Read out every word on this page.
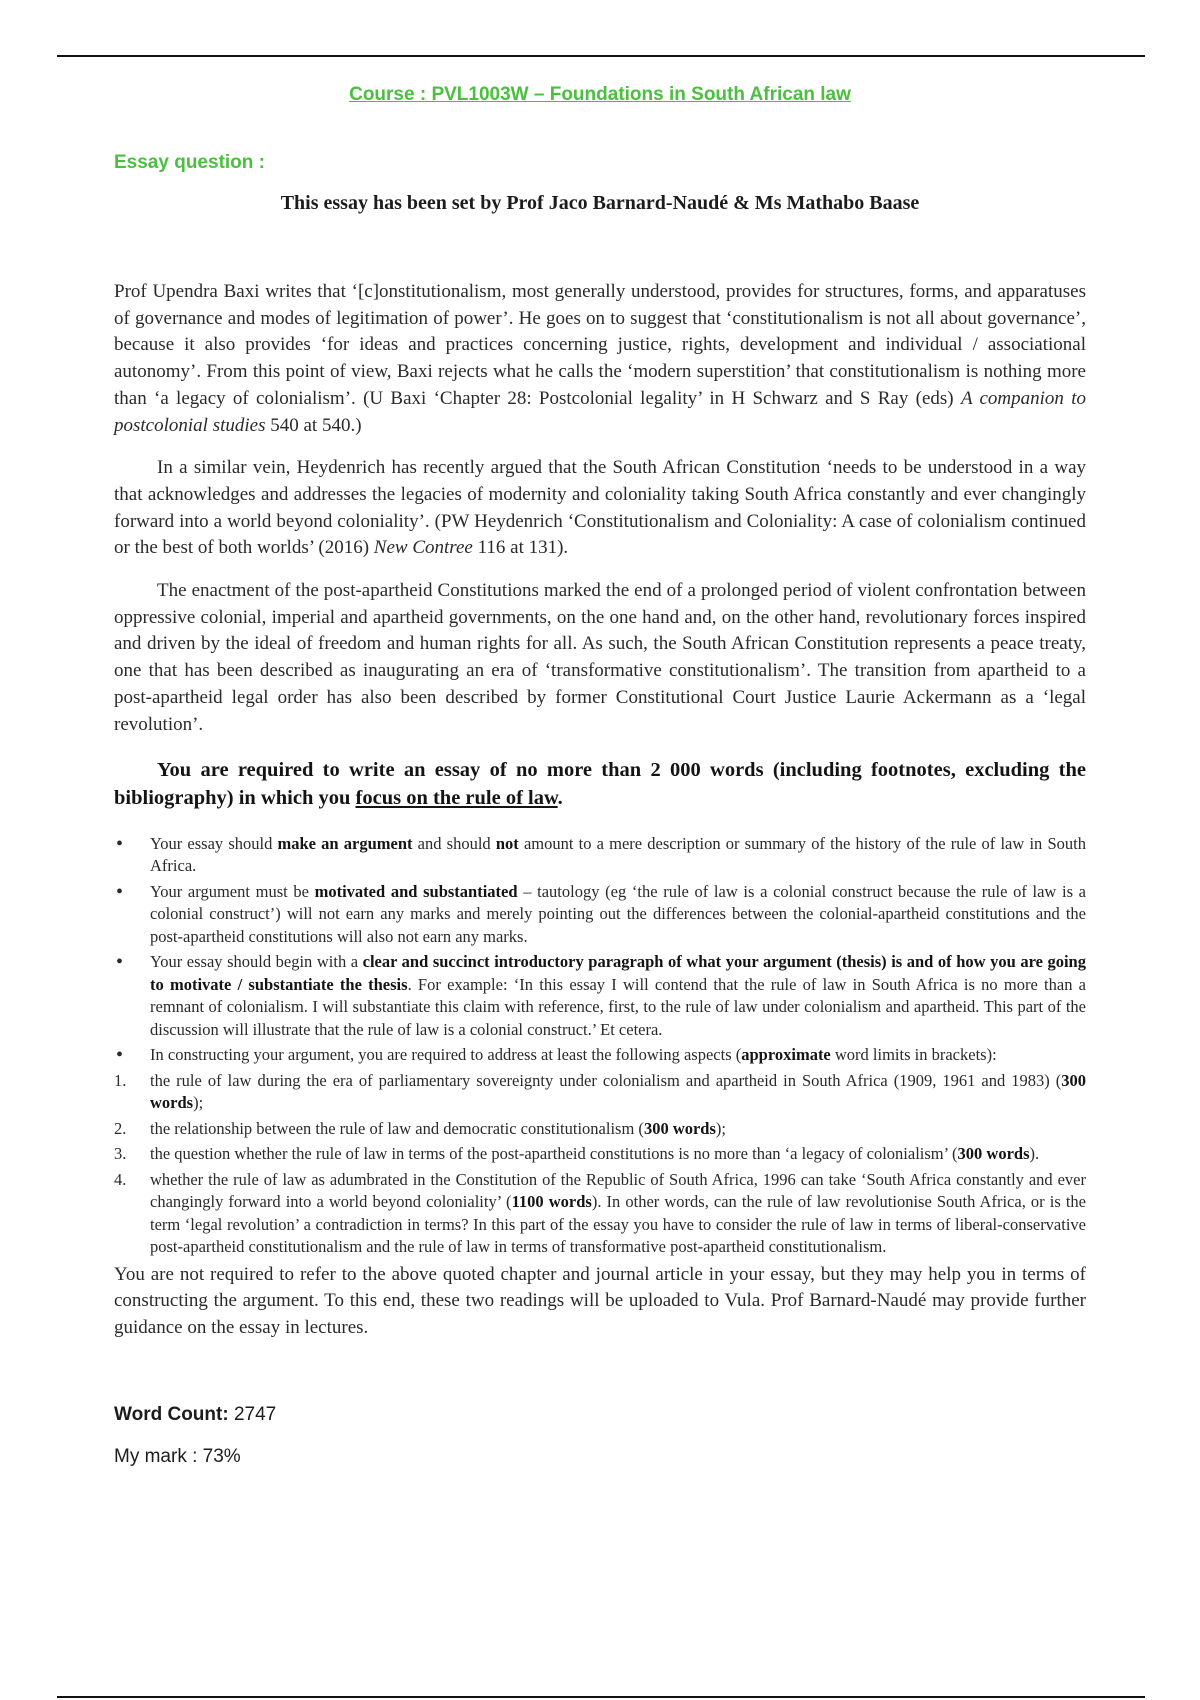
Course : PVL1003W – Foundations in South African law
Essay question :
This essay has been set by Prof Jaco Barnard-Naudé & Ms Mathabo Baase

Prof Upendra Baxi writes that ‘[c]onstitutionalism, most generally understood, provides for structures, forms, and apparatuses of governance and modes of legitimation of power’. He goes on to suggest that ‘constitutionalism is not all about governance’, because it also provides ‘for ideas and practices concerning justice, rights, development and individual / associational autonomy’. From this point of view, Baxi rejects what he calls the ‘modern superstition’ that constitutionalism is nothing more than ‘a legacy of colonialism’. (U Baxi ‘Chapter 28: Postcolonial legality’ in H Schwarz and S Ray (eds) A companion to postcolonial studies 540 at 540.)

In a similar vein, Heydenrich has recently argued that the South African Constitution ‘needs to be understood in a way that acknowledges and addresses the legacies of modernity and coloniality taking South Africa constantly and ever changingly forward into a world beyond coloniality’. (PW Heydenrich ‘Constitutionalism and Coloniality: A case of colonialism continued or the best of both worlds’ (2016) New Contree 116 at 131).

The enactment of the post-apartheid Constitutions marked the end of a prolonged period of violent confrontation between oppressive colonial, imperial and apartheid governments, on the one hand and, on the other hand, revolutionary forces inspired and driven by the ideal of freedom and human rights for all. As such, the South African Constitution represents a peace treaty, one that has been described as inaugurating an era of ‘transformative constitutionalism’. The transition from apartheid to a post-apartheid legal order has also been described by former Constitutional Court Justice Laurie Ackermann as a ‘legal revolution’.

You are required to write an essay of no more than 2 000 words (including footnotes, excluding the bibliography) in which you focus on the rule of law.

• Your essay should make an argument and should not amount to a mere description or summary of the history of the rule of law in South Africa.
• Your argument must be motivated and substantiated – tautology (eg ‘the rule of law is a colonial construct because the rule of law is a colonial construct’) will not earn any marks and merely pointing out the differences between the colonial-apartheid constitutions and the post-apartheid constitutions will also not earn any marks.
• Your essay should begin with a clear and succinct introductory paragraph of what your argument (thesis) is and of how you are going to motivate / substantiate the thesis. For example: ‘In this essay I will contend that the rule of law in South Africa is no more than a remnant of colonialism. I will substantiate this claim with reference, first, to the rule of law under colonialism and apartheid. This part of the discussion will illustrate that the rule of law is a colonial construct.’ Et cetera.
• In constructing your argument, you are required to address at least the following aspects (approximate word limits in brackets):
1. the rule of law during the era of parliamentary sovereignty under colonialism and apartheid in South Africa (1909, 1961 and 1983) (300 words);
2. the relationship between the rule of law and democratic constitutionalism (300 words);
3. the question whether the rule of law in terms of the post-apartheid constitutions is no more than ‘a legacy of colonialism’ (300 words).
4. whether the rule of law as adumbrated in the Constitution of the Republic of South Africa, 1996 can take ‘South Africa constantly and ever changingly forward into a world beyond coloniality’ (1100 words). In other words, can the rule of law revolutionise South Africa, or is the term ‘legal revolution’ a contradiction in terms? In this part of the essay you have to consider the rule of law in terms of liberal-conservative post-apartheid constitutionalism and the rule of law in terms of transformative post-apartheid constitutionalism.

You are not required to refer to the above quoted chapter and journal article in your essay, but they may help you in terms of constructing the argument. To this end, these two readings will be uploaded to Vula. Prof Barnard-Naudé may provide further guidance on the essay in lectures.

Word Count: 2747
My mark : 73%
